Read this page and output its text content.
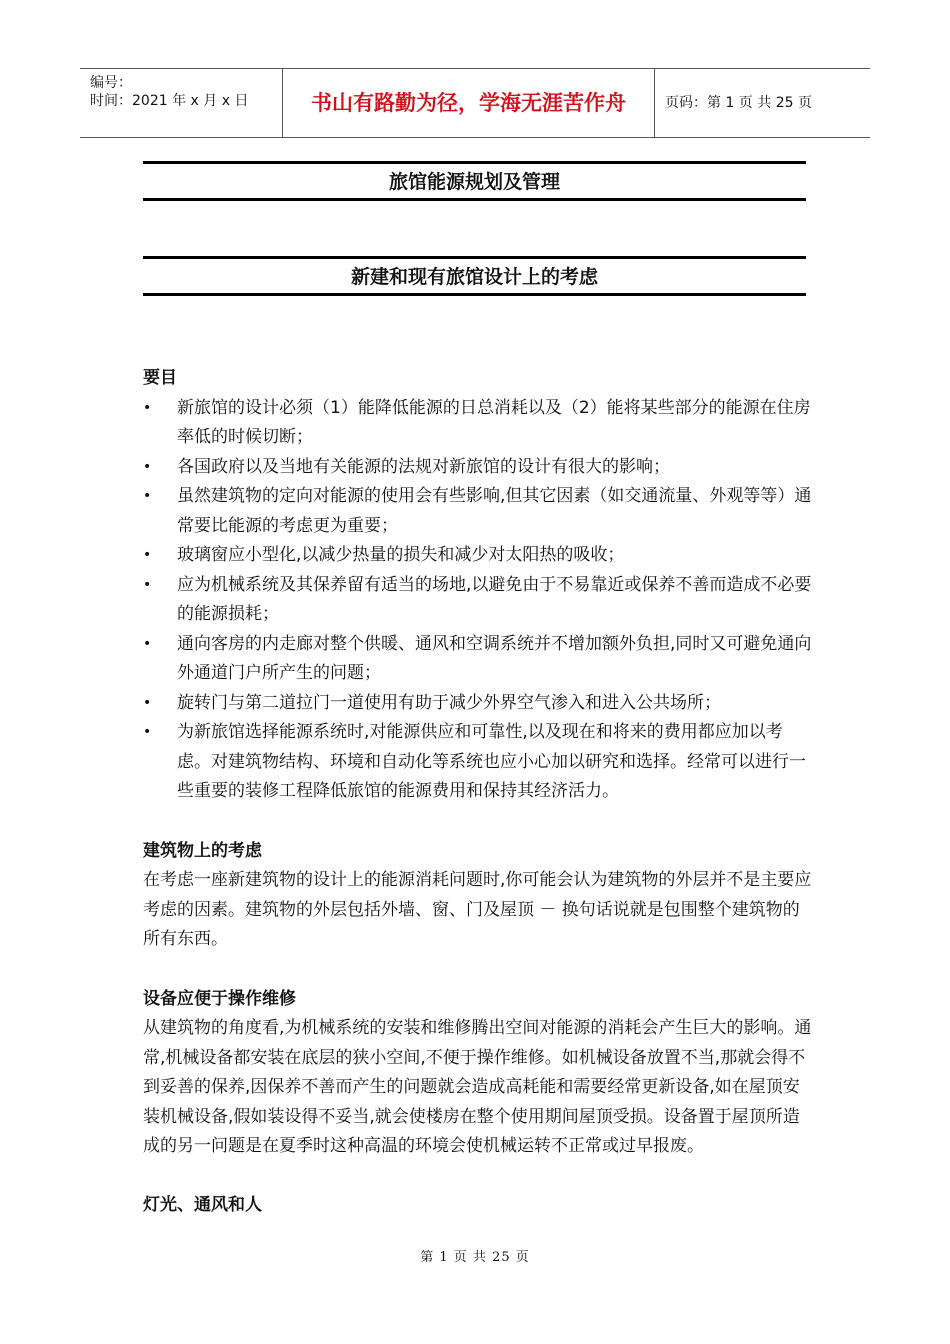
编号：
时间：2021 年 x 月 x 日	书山有路勤为径，学海无涯苦作舟	页码：第 1 页 共 25 页
旅馆能源规划及管理
新建和现有旅馆设计上的考虑

要目

• 新旅馆的设计必须（1）能降低能源的日总消耗以及（2）能将某些部分的能源在住房率低的时候切断；
• 各国政府以及当地有关能源的法规对新旅馆的设计有很大的影响；
• 虽然建筑物的定向对能源的使用会有些影响,但其它因素（如交通流量、外观等等）通常要比能源的考虑更为重要；
• 玻璃窗应小型化,以减少热量的损失和减少对太阳热的吸收；
• 应为机械系统及其保养留有适当的场地,以避免由于不易靠近或保养不善而造成不必要的能源损耗；
• 通向客房的内走廊对整个供暖、通风和空调系统并不增加额外负担,同时又可避免通向外通道门户所产生的问题；
• 旋转门与第二道拉门一道使用有助于减少外界空气渗入和进入公共场所；
• 为新旅馆选择能源系统时,对能源供应和可靠性,以及现在和将来的费用都应加以考虑。对建筑物结构、环境和自动化等系统也应小心加以研究和选择。经常可以进行一些重要的装修工程降低旅馆的能源费用和保持其经济活力。

建筑物上的考虑

在考虑一座新建筑物的设计上的能源消耗问题时,你可能会认为建筑物的外层并不是主要应考虑的因素。建筑物的外层包括外墙、窗、门及屋顶 － 换句话说就是包围整个建筑物的所有东西。

设备应便于操作维修

从建筑物的角度看,为机械系统的安装和维修腾出空间对能源的消耗会产生巨大的影响。通常,机械设备都安装在底层的狭小空间,不便于操作维修。如机械设备放置不当,那就会得不到妥善的保养,因保养不善而产生的问题就会造成高耗能和需要经常更新设备,如在屋顶安装机械设备,假如装设得不妥当,就会使楼房在整个使用期间屋顶受损。设备置于屋顶所造成的另一问题是在夏季时这种高温的环境会使机械运转不正常或过早报废。

灯光、通风和人

第 1 页 共 25 页
